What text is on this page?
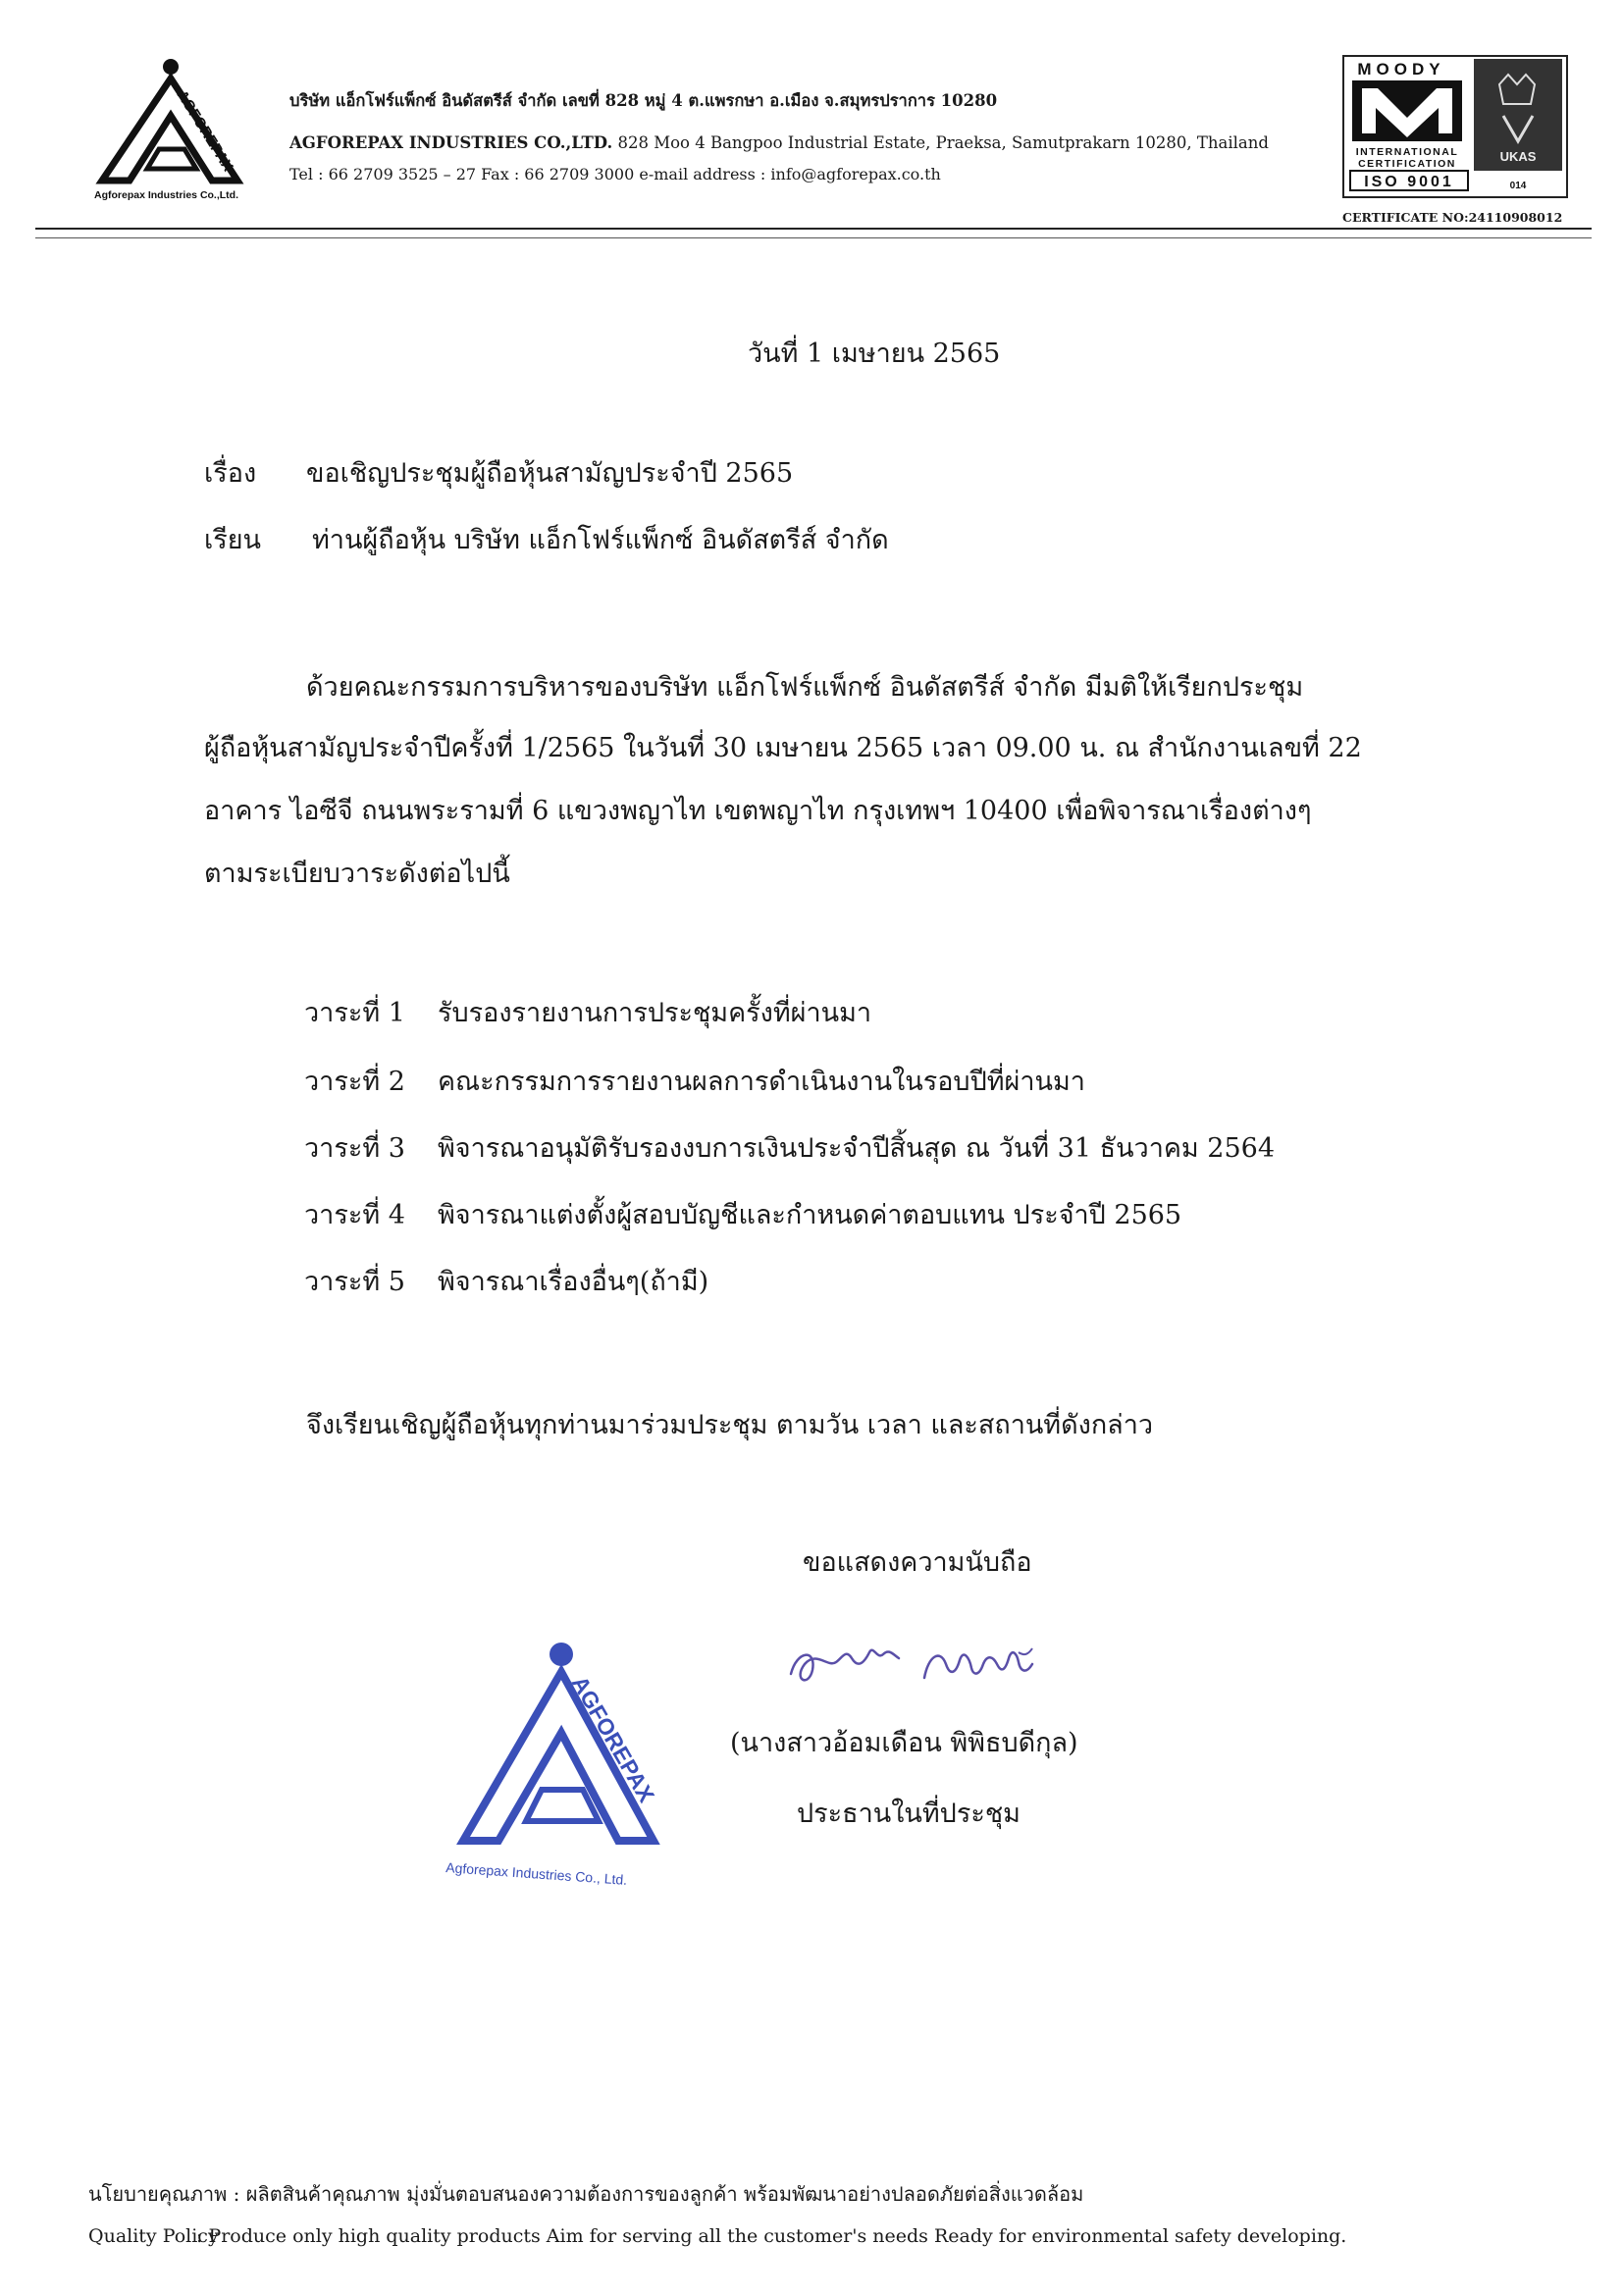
AGFOREPAX
Agforepax Industries Co.,Ltd.
บริษัท แอ็กโฟร์แพ็กซ์ อินดัสตรีส์ จำกัด เลขที่ 828 หมู่ 4 ต.แพรกษา อ.เมือง จ.สมุทรปราการ 10280
AGFOREPAX INDUSTRIES CO.,LTD. 828 Moo 4 Bangpoo Industrial Estate, Praeksa, Samutprakarn 10280, Thailand
Tel : 66 2709 3525 – 27 Fax : 66 2709 3000 e-mail address : info@agforepax.co.th
MOODY
INTERNATIONAL
CERTIFICATION
ISO 9001
UKAS
014
CERTIFICATE NO:24110908012
วันที่ 1 เมษายน 2565
เรื่อง ขอเชิญประชุมผู้ถือหุ้นสามัญประจำปี 2565
เรียน ท่านผู้ถือหุ้น บริษัท แอ็กโฟร์แพ็กซ์ อินดัสตรีส์ จำกัด
ด้วยคณะกรรมการบริหารของบริษัท แอ็กโฟร์แพ็กซ์ อินดัสตรีส์ จำกัด มีมติให้เรียกประชุม
ผู้ถือหุ้นสามัญประจำปีครั้งที่ 1/2565 ในวันที่ 30 เมษายน 2565 เวลา 09.00 น. ณ สำนักงานเลขที่ 22
อาคาร ไอซีจี ถนนพระรามที่ 6 แขวงพญาไท เขตพญาไท กรุงเทพฯ 10400 เพื่อพิจารณาเรื่องต่างๆ
ตามระเบียบวาระดังต่อไปนี้
วาระที่ 1 รับรองรายงานการประชุมครั้งที่ผ่านมา
วาระที่ 2 คณะกรรมการรายงานผลการดำเนินงานในรอบปีที่ผ่านมา
วาระที่ 3 พิจารณาอนุมัติรับรองงบการเงินประจำปีสิ้นสุด ณ วันที่ 31 ธันวาคม 2564
วาระที่ 4 พิจารณาแต่งตั้งผู้สอบบัญชีและกำหนดค่าตอบแทน ประจำปี 2565
วาระที่ 5 พิจารณาเรื่องอื่นๆ(ถ้ามี)
จึงเรียนเชิญผู้ถือหุ้นทุกท่านมาร่วมประชุม ตามวัน เวลา และสถานที่ดังกล่าว
ขอแสดงความนับถือ
AGFOREPAX
Agforepax Industries Co., Ltd.
(นางสาวอ้อมเดือน พิพิธบดีกุล)
ประธานในที่ประชุม
นโยบายคุณภาพ : ผลิตสินค้าคุณภาพ มุ่งมั่นตอบสนองความต้องการของลูกค้า พร้อมพัฒนาอย่างปลอดภัยต่อสิ่งแวดล้อม
Quality Policy: Produce only high quality products Aim for serving all the customer's needs Ready for environmental safety developing.
